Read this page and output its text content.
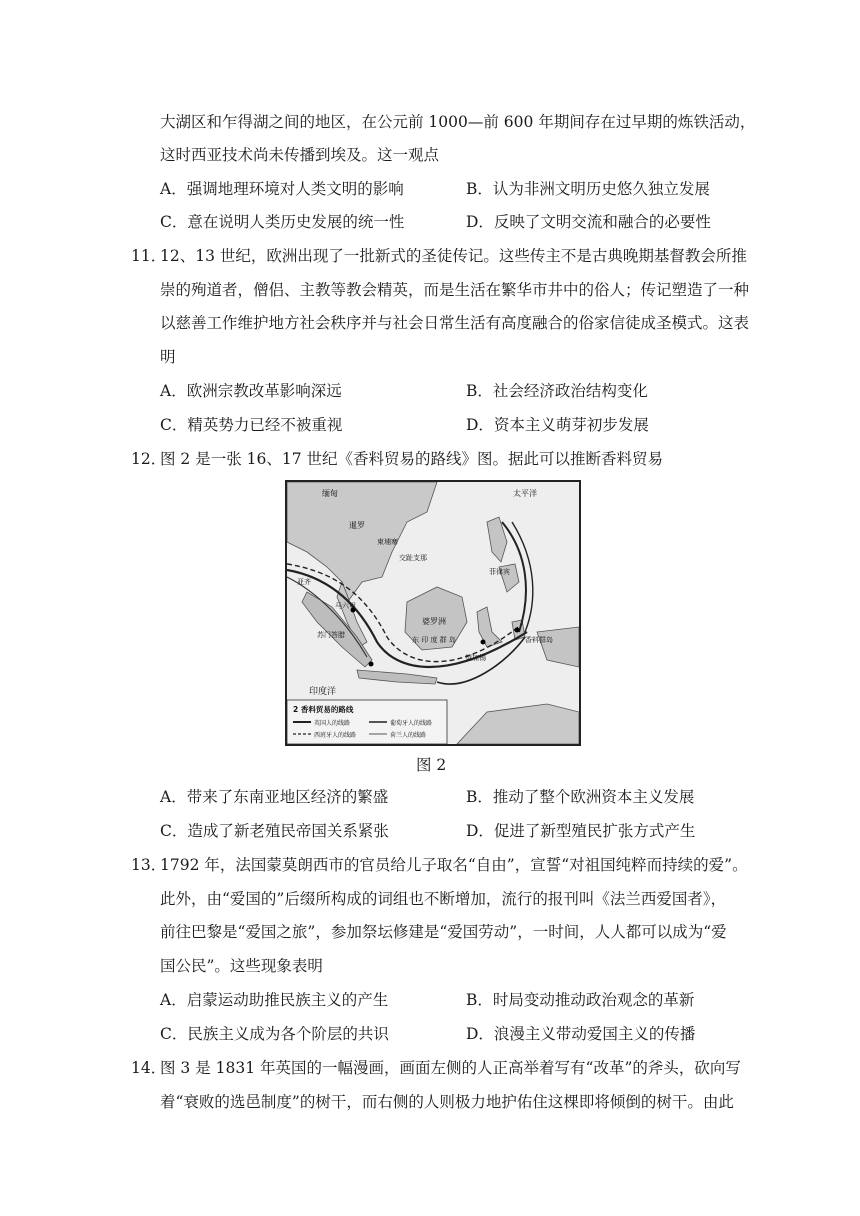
大湖区和乍得湖之间的地区，在公元前 1000—前 600 年期间存在过早期的炼铁活动，
这时西亚技术尚未传播到埃及。这一观点
A．强调地理环境对人类文明的影响	B．认为非洲文明历史悠久独立发展
C．意在说明人类历史发展的统一性	D．反映了文明交流和融合的必要性
11．
12、13 世纪，欧洲出现了一批新式的圣徒传记。这些传主不是古典晚期基督教会所推
崇的殉道者，僧侣、主教等教会精英，而是生活在繁华市井中的俗人；传记塑造了一种
以慈善工作维护地方社会秩序并与社会日常生活有高度融合的俗家信徒成圣模式。这表
明
A．欧洲宗教改革影响深远	B．社会经济政治结构变化
C．精英势力已经不被重视	D．资本主义萌芽初步发展
12．
图 2 是一张 16、17 世纪《香料贸易的路线》图。据此可以推断香料贸易
缅甸
暹罗
柬埔寨
交趾支那
太平洋
印度洋
婆罗洲
东 印 度 群 岛
马六甲
亚齐
菲律宾
香料群岛
望加锡
苏门答腊
2 香料贸易的路线
英国人的线路
西班牙人的线路
葡萄牙人的线路
荷兰人的线路
图 2
A．带来了东南亚地区经济的繁盛	B．推动了整个欧洲资本主义发展
C．造成了新老殖民帝国关系紧张	D．促进了新型殖民扩张方式产生
13．
1792 年，法国蒙莫朗西市的官员给儿子取名“自由”，宣誓“对祖国纯粹而持续的爱”。
此外，由“爱国的”后缀所构成的词组也不断增加，流行的报刊叫《法兰西爱国者》，
前往巴黎是“爱国之旅”，参加祭坛修建是“爱国劳动”，一时间，人人都可以成为“爱
国公民”。这些现象表明
A．启蒙运动助推民族主义的产生	B．时局变动推动政治观念的革新
C．民族主义成为各个阶层的共识	D．浪漫主义带动爱国主义的传播
14．
图 3 是 1831 年英国的一幅漫画，画面左侧的人正高举着写有“改革”的斧头，砍向写
着“衰败的选邑制度”的树干，而右侧的人则极力地护佑住这棵即将倾倒的树干。由此
